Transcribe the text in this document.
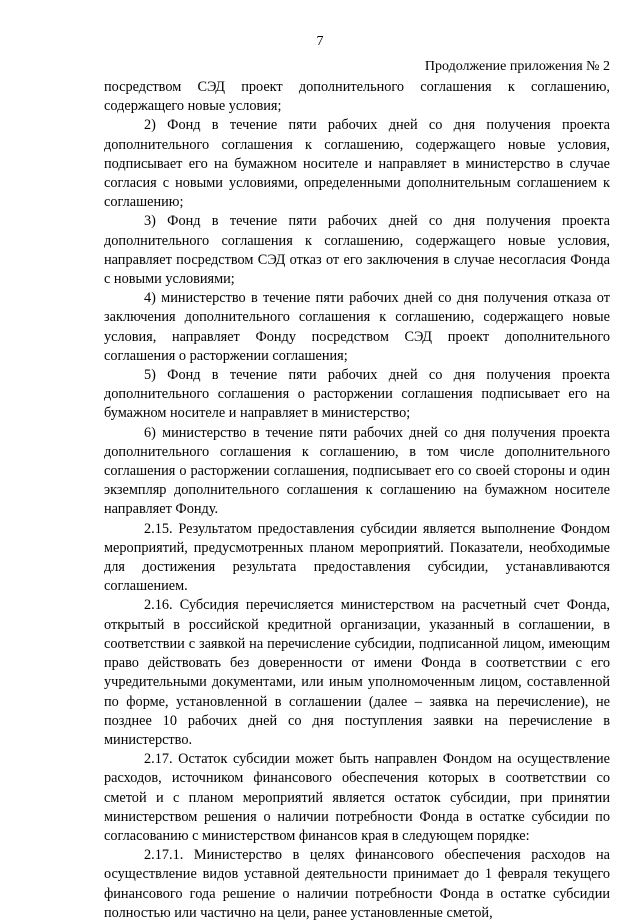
7
Продолжение приложения № 2

посредством СЭД проект дополнительного соглашения к соглашению, содержащего новые условия;

2) Фонд в течение пяти рабочих дней со дня получения проекта дополнительного соглашения к соглашению, содержащего новые условия, подписывает его на бумажном носителе и направляет в министерство в случае согласия с новыми условиями, определенными дополнительным соглашением к соглашению;

3) Фонд в течение пяти рабочих дней со дня получения проекта дополнительного соглашения к соглашению, содержащего новые условия, направляет посредством СЭД отказ от его заключения в случае несогласия Фонда с новыми условиями;

4) министерство в течение пяти рабочих дней со дня получения отказа от заключения дополнительного соглашения к соглашению, содержащего новые условия, направляет Фонду посредством СЭД проект дополнительного соглашения о расторжении соглашения;

5) Фонд в течение пяти рабочих дней со дня получения проекта дополнительного соглашения о расторжении соглашения подписывает его на бумажном носителе и направляет в министерство;

6) министерство в течение пяти рабочих дней со дня получения проекта дополнительного соглашения к соглашению, в том числе дополнительного соглашения о расторжении соглашения, подписывает его со своей стороны и один экземпляр дополнительного соглашения к соглашению на бумажном носителе направляет Фонду.

2.15. Результатом предоставления субсидии является выполнение Фондом мероприятий, предусмотренных планом мероприятий. Показатели, необходимые для достижения результата предоставления субсидии, устанавливаются соглашением.

2.16. Субсидия перечисляется министерством на расчетный счет Фонда, открытый в российской кредитной организации, указанный в соглашении, в соответствии с заявкой на перечисление субсидии, подписанной лицом, имеющим право действовать без доверенности от имени Фонда в соответствии с его учредительными документами, или иным уполномоченным лицом, составленной по форме, установленной в соглашении (далее – заявка на перечисление), не позднее 10 рабочих дней со дня поступления заявки на перечисление в министерство.

2.17. Остаток субсидии может быть направлен Фондом на осуществление расходов, источником финансового обеспечения которых в соответствии со сметой и с планом мероприятий является остаток субсидии, при принятии министерством решения о наличии потребности Фонда в остатке субсидии по согласованию с министерством финансов края в следующем порядке:

2.17.1. Министерство в целях финансового обеспечения расходов на осуществление видов уставной деятельности принимает до 1 февраля текущего финансового года решение о наличии потребности Фонда в остатке субсидии полностью или частично на цели, ранее установленные сметой,
